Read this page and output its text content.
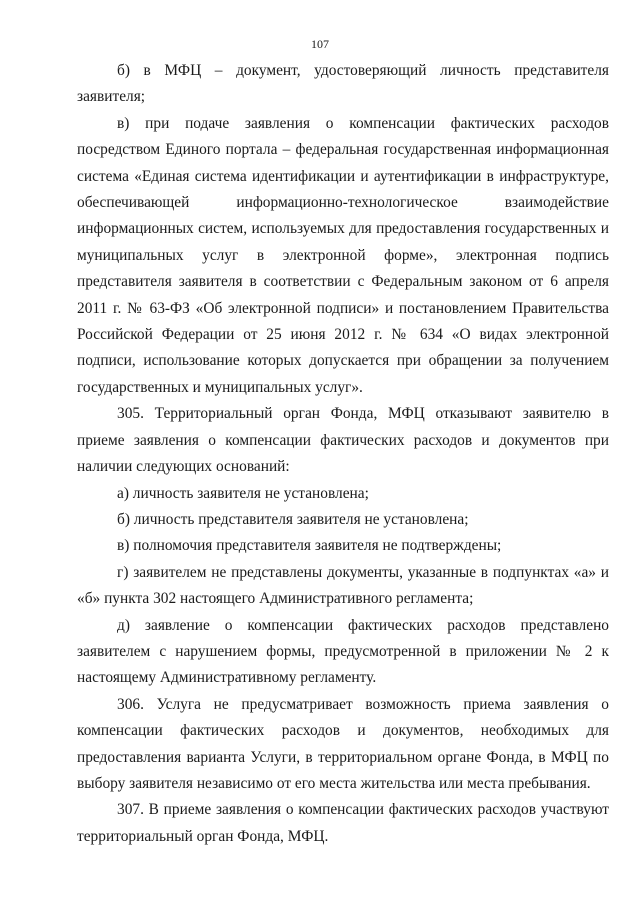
107

б) в МФЦ – документ, удостоверяющий личность представителя заявителя;

в) при подаче заявления о компенсации фактических расходов посредством Единого портала – федеральная государственная информационная система «Единая система идентификации и аутентификации в инфраструктуре, обеспечивающей информационно-технологическое взаимодействие информационных систем, используемых для предоставления государственных и муниципальных услуг в электронной форме», электронная подпись представителя заявителя в соответствии с Федеральным законом от 6 апреля 2011 г. № 63-ФЗ «Об электронной подписи» и постановлением Правительства Российской Федерации от 25 июня 2012 г. № 634 «О видах электронной подписи, использование которых допускается при обращении за получением государственных и муниципальных услуг».

305. Территориальный орган Фонда, МФЦ отказывают заявителю в приеме заявления о компенсации фактических расходов и документов при наличии следующих оснований:

а) личность заявителя не установлена;

б) личность представителя заявителя не установлена;

в) полномочия представителя заявителя не подтверждены;

г) заявителем не представлены документы, указанные в подпунктах «а» и «б» пункта 302 настоящего Административного регламента;

д) заявление о компенсации фактических расходов представлено заявителем с нарушением формы, предусмотренной в приложении № 2 к настоящему Административному регламенту.

306. Услуга не предусматривает возможность приема заявления о компенсации фактических расходов и документов, необходимых для предоставления варианта Услуги, в территориальном органе Фонда, в МФЦ по выбору заявителя независимо от его места жительства или места пребывания.

307. В приеме заявления о компенсации фактических расходов участвуют территориальный орган Фонда, МФЦ.
